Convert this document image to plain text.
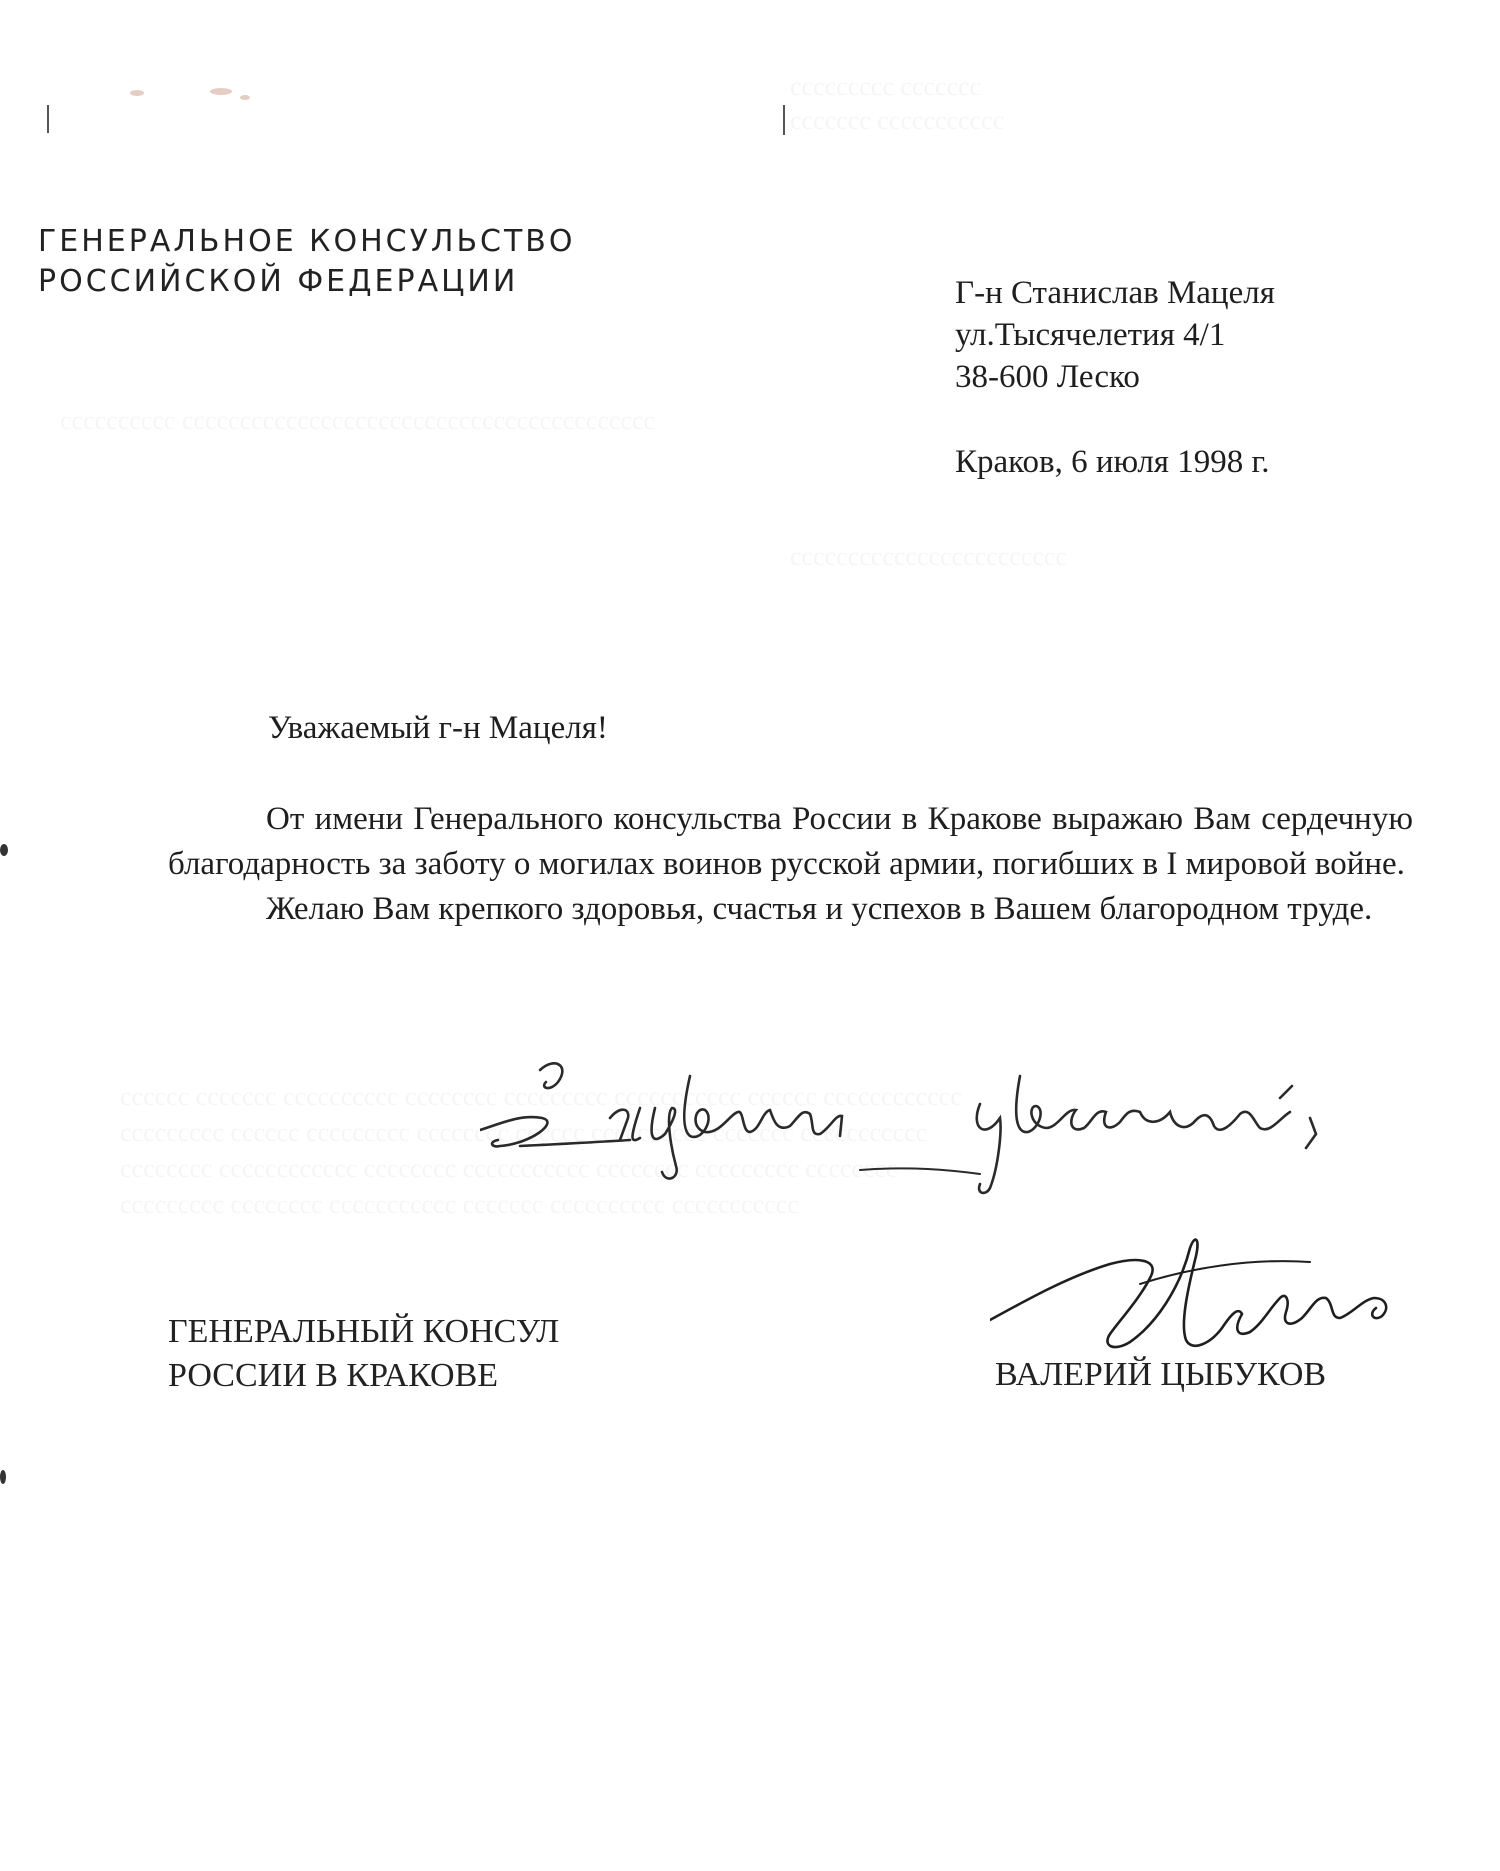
ГЕНЕРАЛЬНОЕ КОНСУЛЬСТВО
РОССИЙСКОЙ ФЕДЕРАЦИИ	Г-н Станислав Мацеля
ул.Тысячелетия 4/1
38-600 Леско
Краков, 6 июля 1998 г.
Уважаемый г-н Мацеля!

От имени Генерального консульства России в Кракове выражаю Вам сердечную благодарность за заботу о могилах воинов русской армии, погибших в I мировой войне.

Желаю Вам крепкого здоровья, счастья и успехов в Вашем благородном труде.

ГЕНЕРАЛЬНЫЙ КОНСУЛ
РОССИИ В КРАКОВЕ	ВАЛЕРИЙ ЦЫБУКОВ
